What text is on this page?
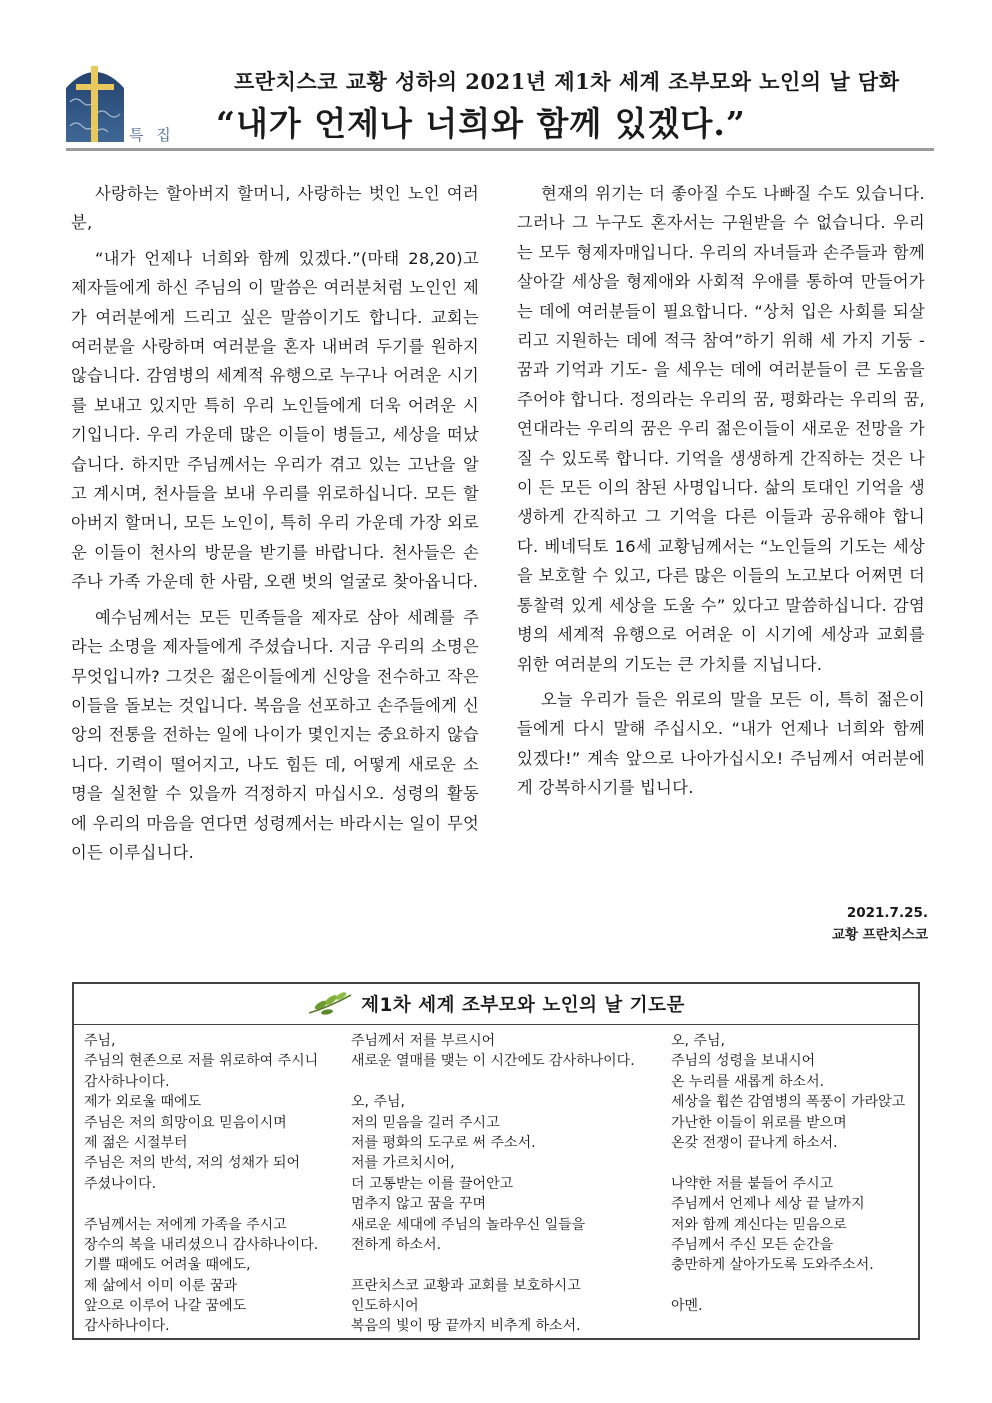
특 집
프란치스코 교황 성하의 2021년 제1차 세계 조부모와 노인의 날 담화
“내가 언제나 너희와 함께 있겠다.”

사랑하는 할아버지 할머니, 사랑하는 벗인 노인 여러분,

“내가 언제나 너희와 함께 있겠다.”(마태 28,20)고 제자들에게 하신 주님의 이 말씀은 여러분처럼 노인인 제가 여러분에게 드리고 싶은 말씀이기도 합니다. 교회는 여러분을 사랑하며 여러분을 혼자 내버려 두기를 원하지 않습니다. 감염병의 세계적 유행으로 누구나 어려운 시기를 보내고 있지만 특히 우리 노인들에게 더욱 어려운 시기입니다. 우리 가운데 많은 이들이 병들고, 세상을 떠났습니다. 하지만 주님께서는 우리가 겪고 있는 고난을 알고 계시며, 천사들을 보내 우리를 위로하십니다. 모든 할아버지 할머니, 모든 노인이, 특히 우리 가운데 가장 외로운 이들이 천사의 방문을 받기를 바랍니다. 천사들은 손주나 가족 가운데 한 사람, 오랜 벗의 얼굴로 찾아옵니다.

예수님께서는 모든 민족들을 제자로 삼아 세례를 주라는 소명을 제자들에게 주셨습니다. 지금 우리의 소명은 무엇입니까? 그것은 젊은이들에게 신앙을 전수하고 작은 이들을 돌보는 것입니다. 복음을 선포하고 손주들에게 신앙의 전통을 전하는 일에 나이가 몇인지는 중요하지 않습니다. 기력이 떨어지고, 나도 힘든 데, 어떻게 새로운 소명을 실천할 수 있을까 걱정하지 마십시오. 성령의 활동에 우리의 마음을 연다면 성령께서는 바라시는 일이 무엇이든 이루십니다.

현재의 위기는 더 좋아질 수도 나빠질 수도 있습니다. 그러나 그 누구도 혼자서는 구원받을 수 없습니다. 우리는 모두 형제자매입니다. 우리의 자녀들과 손주들과 함께 살아갈 세상을 형제애와 사회적 우애를 통하여 만들어가는 데에 여러분들이 필요합니다. “상처 입은 사회를 되살리고 지원하는 데에 적극 참여”하기 위해 세 가지 기둥 - 꿈과 기억과 기도- 을 세우는 데에 여러분들이 큰 도움을 주어야 합니다. 정의라는 우리의 꿈, 평화라는 우리의 꿈, 연대라는 우리의 꿈은 우리 젊은이들이 새로운 전망을 가질 수 있도록 합니다. 기억을 생생하게 간직하는 것은 나이 든 모든 이의 참된 사명입니다. 삶의 토대인 기억을 생생하게 간직하고 그 기억을 다른 이들과 공유해야 합니다. 베네딕토 16세 교황님께서는 “노인들의 기도는 세상을 보호할 수 있고, 다른 많은 이들의 노고보다 어쩌면 더 통찰력 있게 세상을 도울 수” 있다고 말씀하십니다. 감염병의 세계적 유행으로 어려운 이 시기에 세상과 교회를 위한 여러분의 기도는 큰 가치를 지닙니다.

오늘 우리가 들은 위로의 말을 모든 이, 특히 젊은이들에게 다시 말해 주십시오. “내가 언제나 너희와 함께 있겠다!” 계속 앞으로 나아가십시오! 주님께서 여러분에게 강복하시기를 빕니다.

2021.7.25.
교황 프란치스코
제1차 세계 조부모와 노인의 날 기도문
주님,
주님의 현존으로 저를 위로하여 주시니
감사하나이다.
제가 외로울 때에도
주님은 저의 희망이요 믿음이시며
제 젊은 시절부터
주님은 저의 반석, 저의 성채가 되어
주셨나이다.
주님께서는 저에게 가족을 주시고
장수의 복을 내리셨으니 감사하나이다.
기쁠 때에도 어려울 때에도,
제 삶에서 이미 이룬 꿈과
앞으로 이루어 나갈 꿈에도
감사하나이다.
주님께서 저를 부르시어
새로운 열매를 맺는 이 시간에도 감사하나이다.
오, 주님,
저의 믿음을 길러 주시고
저를 평화의 도구로 써 주소서.
저를 가르치시어,
더 고통받는 이를 끌어안고
멈추지 않고 꿈을 꾸며
새로운 세대에 주님의 놀라우신 일들을
전하게 하소서.
프란치스코 교황과 교회를 보호하시고
인도하시어
복음의 빛이 땅 끝까지 비추게 하소서.
오, 주님,
주님의 성령을 보내시어
온 누리를 새롭게 하소서.
세상을 휩쓴 감염병의 폭풍이 가라앉고
가난한 이들이 위로를 받으며
온갖 전쟁이 끝나게 하소서.
나약한 저를 붙들어 주시고
주님께서 언제나 세상 끝 날까지
저와 함께 계신다는 믿음으로
주님께서 주신 모든 순간을
충만하게 살아가도록 도와주소서.
아멘.
